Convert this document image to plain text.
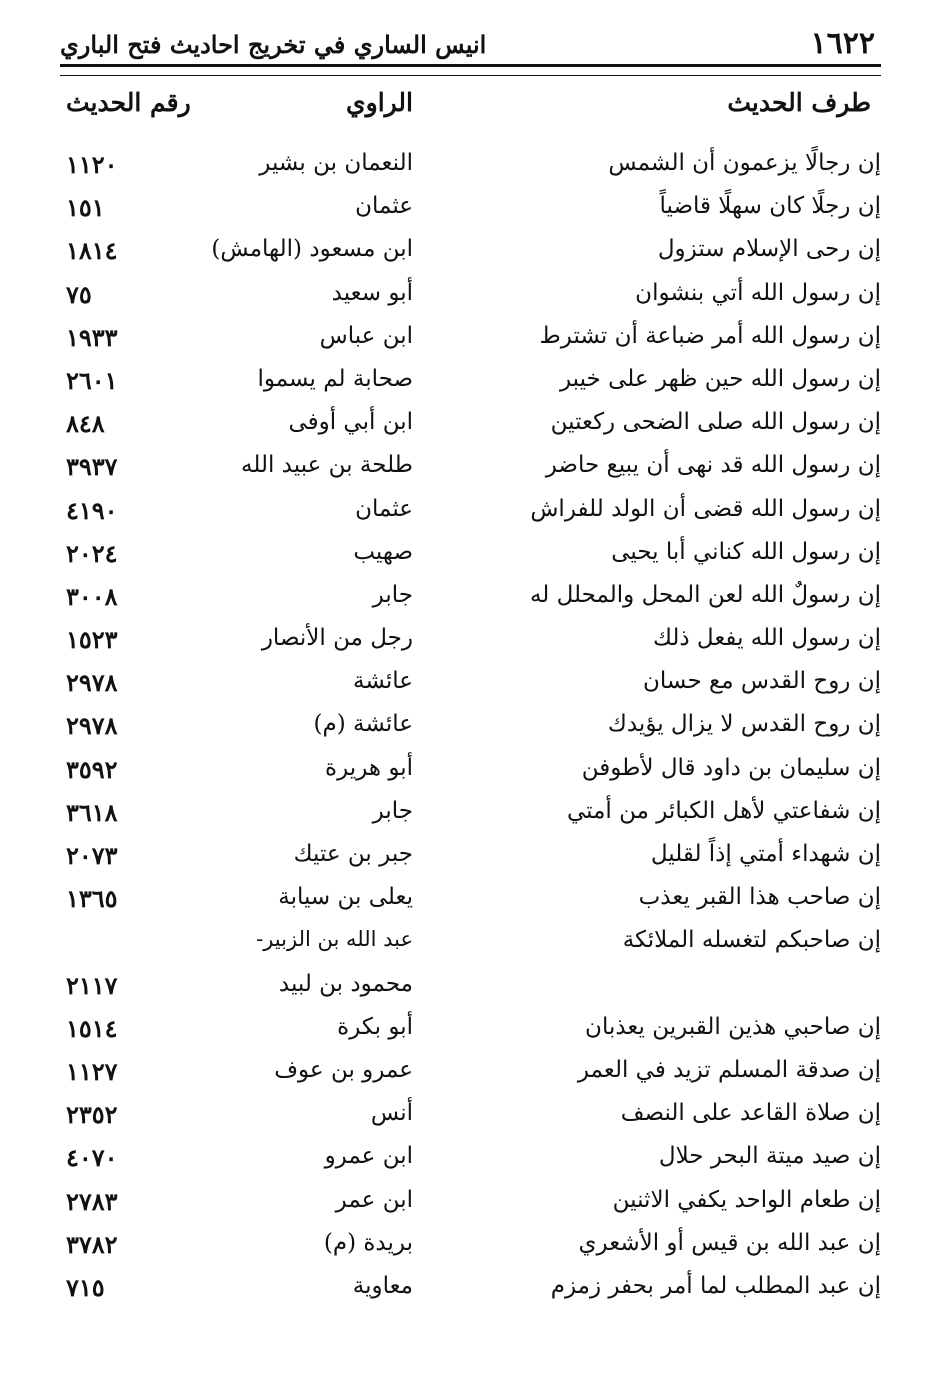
١٦٢٢
انيس الساري في تخريج احاديث فتح الباري
طرف الحديث
الراوي
رقم الحديث
إن رجالًا يزعمون أن الشمس
النعمان بن بشير
١١٢٠
إن رجلًا كان سهلًا قاضياً
عثمان
١٥١
إن رحى الإسلام ستزول
ابن مسعود (الهامش)
١٨١٤
إن رسول الله أتي بنشوان
أبو سعيد
٧٥
إن رسول الله أمر ضباعة أن تشترط
ابن عباس
١٩٣٣
إن رسول الله حين ظهر على خيبر
صحابة لم يسموا
٢٦٠١
إن رسول الله صلى الضحى ركعتين
ابن أبي أوفى
٨٤٨
إن رسول الله قد نهى أن يبيع حاضر
طلحة بن عبيد الله
٣٩٣٧
إن رسول الله قضى أن الولد للفراش
عثمان
٤١٩٠
إن رسول الله كناني أبا يحيى
صهيب
٢٠٢٤
إن رسولٌ الله لعن المحل والمحلل له
جابر
٣٠٠٨
إن رسول الله يفعل ذلك
رجل من الأنصار
١٥٢٣
إن روح القدس مع حسان
عائشة
٢٩٧٨
إن روح القدس لا يزال يؤيدك
عائشة (م)
٢٩٧٨
إن سليمان بن داود قال لأطوفن
أبو هريرة
٣٥٩٢
إن شفاعتي لأهل الكبائر من أمتي
جابر
٣٦١٨
إن شهداء أمتي إذاً لقليل
جبر بن عتيك
٢٠٧٣
إن صاحب هذا القبر يعذب
يعلى بن سيابة
١٣٦٥
إن صاحبكم لتغسله الملائكة
عبد الله بن الزبير-
محمود بن لبيد
٢١١٧
إن صاحبي هذين القبرين يعذبان
أبو بكرة
١٥١٤
إن صدقة المسلم تزيد في العمر
عمرو بن عوف
١١٢٧
إن صلاة القاعد على النصف
أنس
٢٣٥٢
إن صيد ميتة البحر حلال
ابن عمرو
٤٠٧٠
إن طعام الواحد يكفي الاثنين
ابن عمر
٢٧٨٣
إن عبد الله بن قيس أو الأشعري
بريدة (م)
٣٧٨٢
إن عبد المطلب لما أمر بحفر زمزم
معاوية
٧١٥
